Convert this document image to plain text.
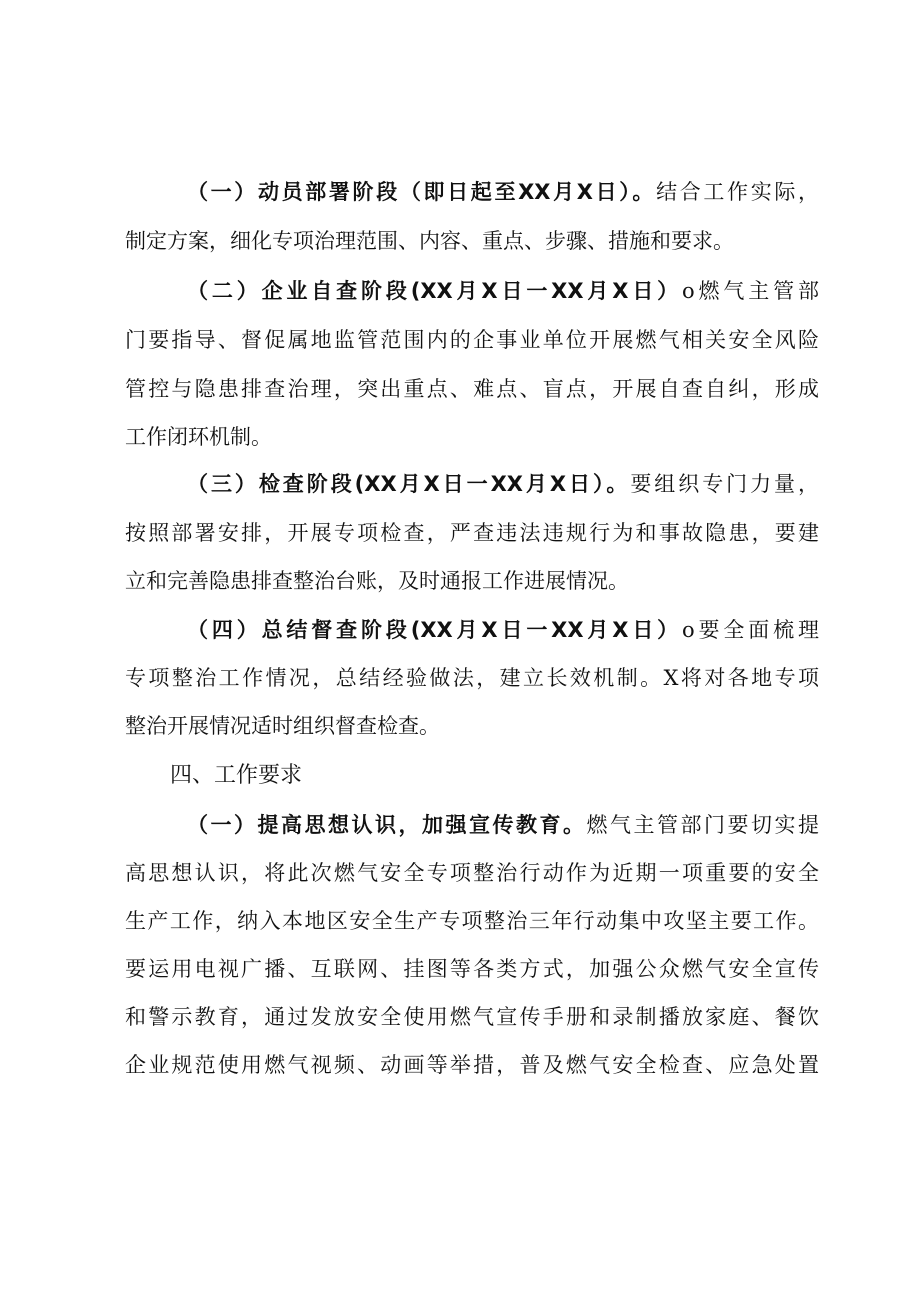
（一）动员部署阶段（即日起至XX月X日）。结合工作实际，
制定方案，细化专项治理范围、内容、重点、步骤、措施和要求。
（二）企业自查阶段(XX月X日一XX月X日）o燃气主管部
门要指导、督促属地监管范围内的企事业单位开展燃气相关安全风险
管控与隐患排查治理，突出重点、难点、盲点，开展自查自纠，形成
工作闭环机制。
（三）检查阶段(XX月X日一XX月X日）。要组织专门力量，
按照部署安排，开展专项检查，严查违法违规行为和事故隐患，要建
立和完善隐患排查整治台账，及时通报工作进展情况。
（四）总结督查阶段(XX月X日一XX月X日）o要全面梳理
专项整治工作情况，总结经验做法，建立长效机制。X将对各地专项
整治开展情况适时组织督查检查。
四、工作要求
（一）提高思想认识，加强宣传教育。燃气主管部门要切实提
高思想认识，将此次燃气安全专项整治行动作为近期一项重要的安全
生产工作，纳入本地区安全生产专项整治三年行动集中攻坚主要工作。
要运用电视广播、互联网、挂图等各类方式，加强公众燃气安全宣传
和警示教育，通过发放安全使用燃气宣传手册和录制播放家庭、餐饮
企业规范使用燃气视频、动画等举措，普及燃气安全检查、应急处置
